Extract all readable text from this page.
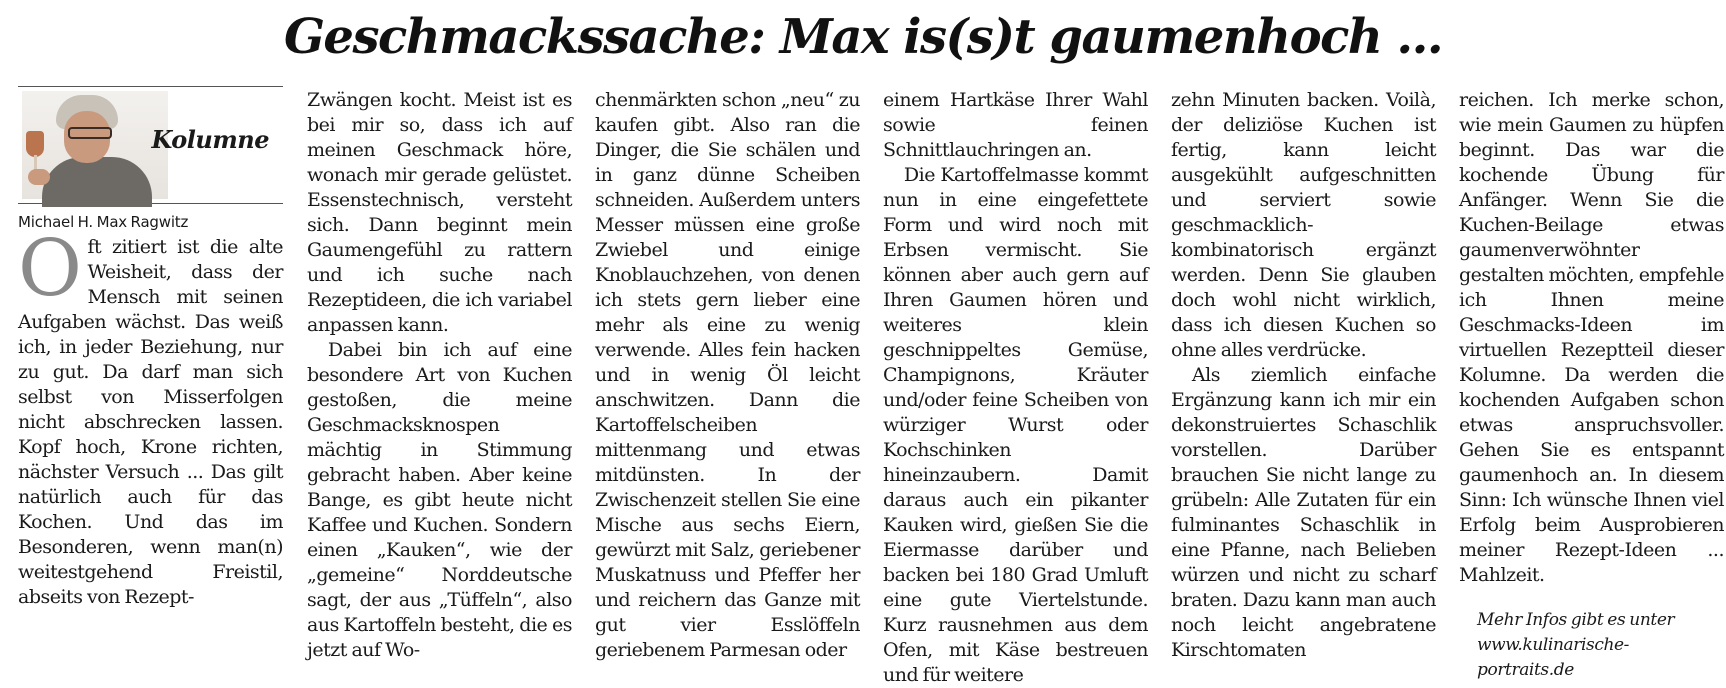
Geschmackssache: Max is(s)t gaumenhoch ...
Kolumne
Michael H. Max Ragwitz

Oft zitiert ist die alte Weisheit, dass der Mensch mit seinen Aufgaben wächst. Das weiß ich, in jeder Beziehung, nur zu gut. Da darf man sich selbst von Misserfolgen nicht abschrecken lassen. Kopf hoch, Krone richten, nächster Versuch ... Das gilt natürlich auch für das Kochen. Und das im Besonderen, wenn man(n) weitestgehend Freistil, abseits von Rezept-

Zwängen kocht. Meist ist es bei mir so, dass ich auf meinen Geschmack höre, wonach mir gerade gelüstet. Essenstechnisch, versteht sich. Dann beginnt mein Gaumengefühl zu rattern und ich suche nach Rezeptideen, die ich variabel anpassen kann.

Dabei bin ich auf eine besondere Art von Kuchen gestoßen, die meine Geschmacksknospen mächtig in Stimmung gebracht haben. Aber keine Bange, es gibt heute nicht Kaffee und Kuchen. Sondern einen „Kauken“, wie der „gemeine“ Norddeutsche sagt, der aus „Tüffeln“, also aus Kartoffeln besteht, die es jetzt auf Wo-

chenmärkten schon „neu“ zu kaufen gibt. Also ran die Dinger, die Sie schälen und in ganz dünne Scheiben schneiden. Außerdem unters Messer müssen eine große Zwiebel und einige Knoblauchzehen, von denen ich stets gern lieber eine mehr als eine zu wenig verwende. Alles fein hacken und in wenig Öl leicht anschwitzen. Dann die Kartoffelscheiben mittenmang und etwas mitdünsten. In der Zwischenzeit stellen Sie eine Mische aus sechs Eiern, gewürzt mit Salz, geriebener Muskatnuss und Pfeffer her und reichern das Ganze mit gut vier Esslöffeln geriebenem Parmesan oder

einem Hartkäse Ihrer Wahl sowie feinen Schnittlauchringen an.

Die Kartoffelmasse kommt nun in eine eingefettete Form und wird noch mit Erbsen vermischt. Sie können aber auch gern auf Ihren Gaumen hören und weiteres klein geschnippeltes Gemüse, Champignons, Kräuter und/oder feine Scheiben von würziger Wurst oder Kochschinken hineinzaubern. Damit daraus auch ein pikanter Kauken wird, gießen Sie die Eiermasse darüber und backen bei 180 Grad Umluft eine gute Viertelstunde. Kurz rausnehmen aus dem Ofen, mit Käse bestreuen und für weitere

zehn Minuten backen. Voilà, der deliziöse Kuchen ist fertig, kann leicht ausgekühlt aufgeschnitten und serviert sowie geschmacklich-kombinatorisch ergänzt werden. Denn Sie glauben doch wohl nicht wirklich, dass ich diesen Kuchen so ohne alles verdrücke.

Als ziemlich einfache Ergänzung kann ich mir ein dekonstruiertes Schaschlik vorstellen. Darüber brauchen Sie nicht lange zu grübeln: Alle Zutaten für ein fulminantes Schaschlik in eine Pfanne, nach Belieben würzen und nicht zu scharf braten. Dazu kann man auch noch leicht angebratene Kirschtomaten

reichen. Ich merke schon, wie mein Gaumen zu hüpfen beginnt. Das war die kochende Übung für Anfänger. Wenn Sie die Kuchen-Beilage etwas gaumenverwöhnter gestalten möchten, empfehle ich Ihnen meine Geschmacks-Ideen im virtuellen Rezeptteil dieser Kolumne. Da werden die kochenden Aufgaben schon etwas anspruchsvoller. Gehen Sie es entspannt gaumenhoch an. In diesem Sinn: Ich wünsche Ihnen viel Erfolg beim Ausprobieren meiner Rezept-Ideen ... Mahlzeit.

Mehr Infos gibt es unter
www.kulinarische-portraits.de
